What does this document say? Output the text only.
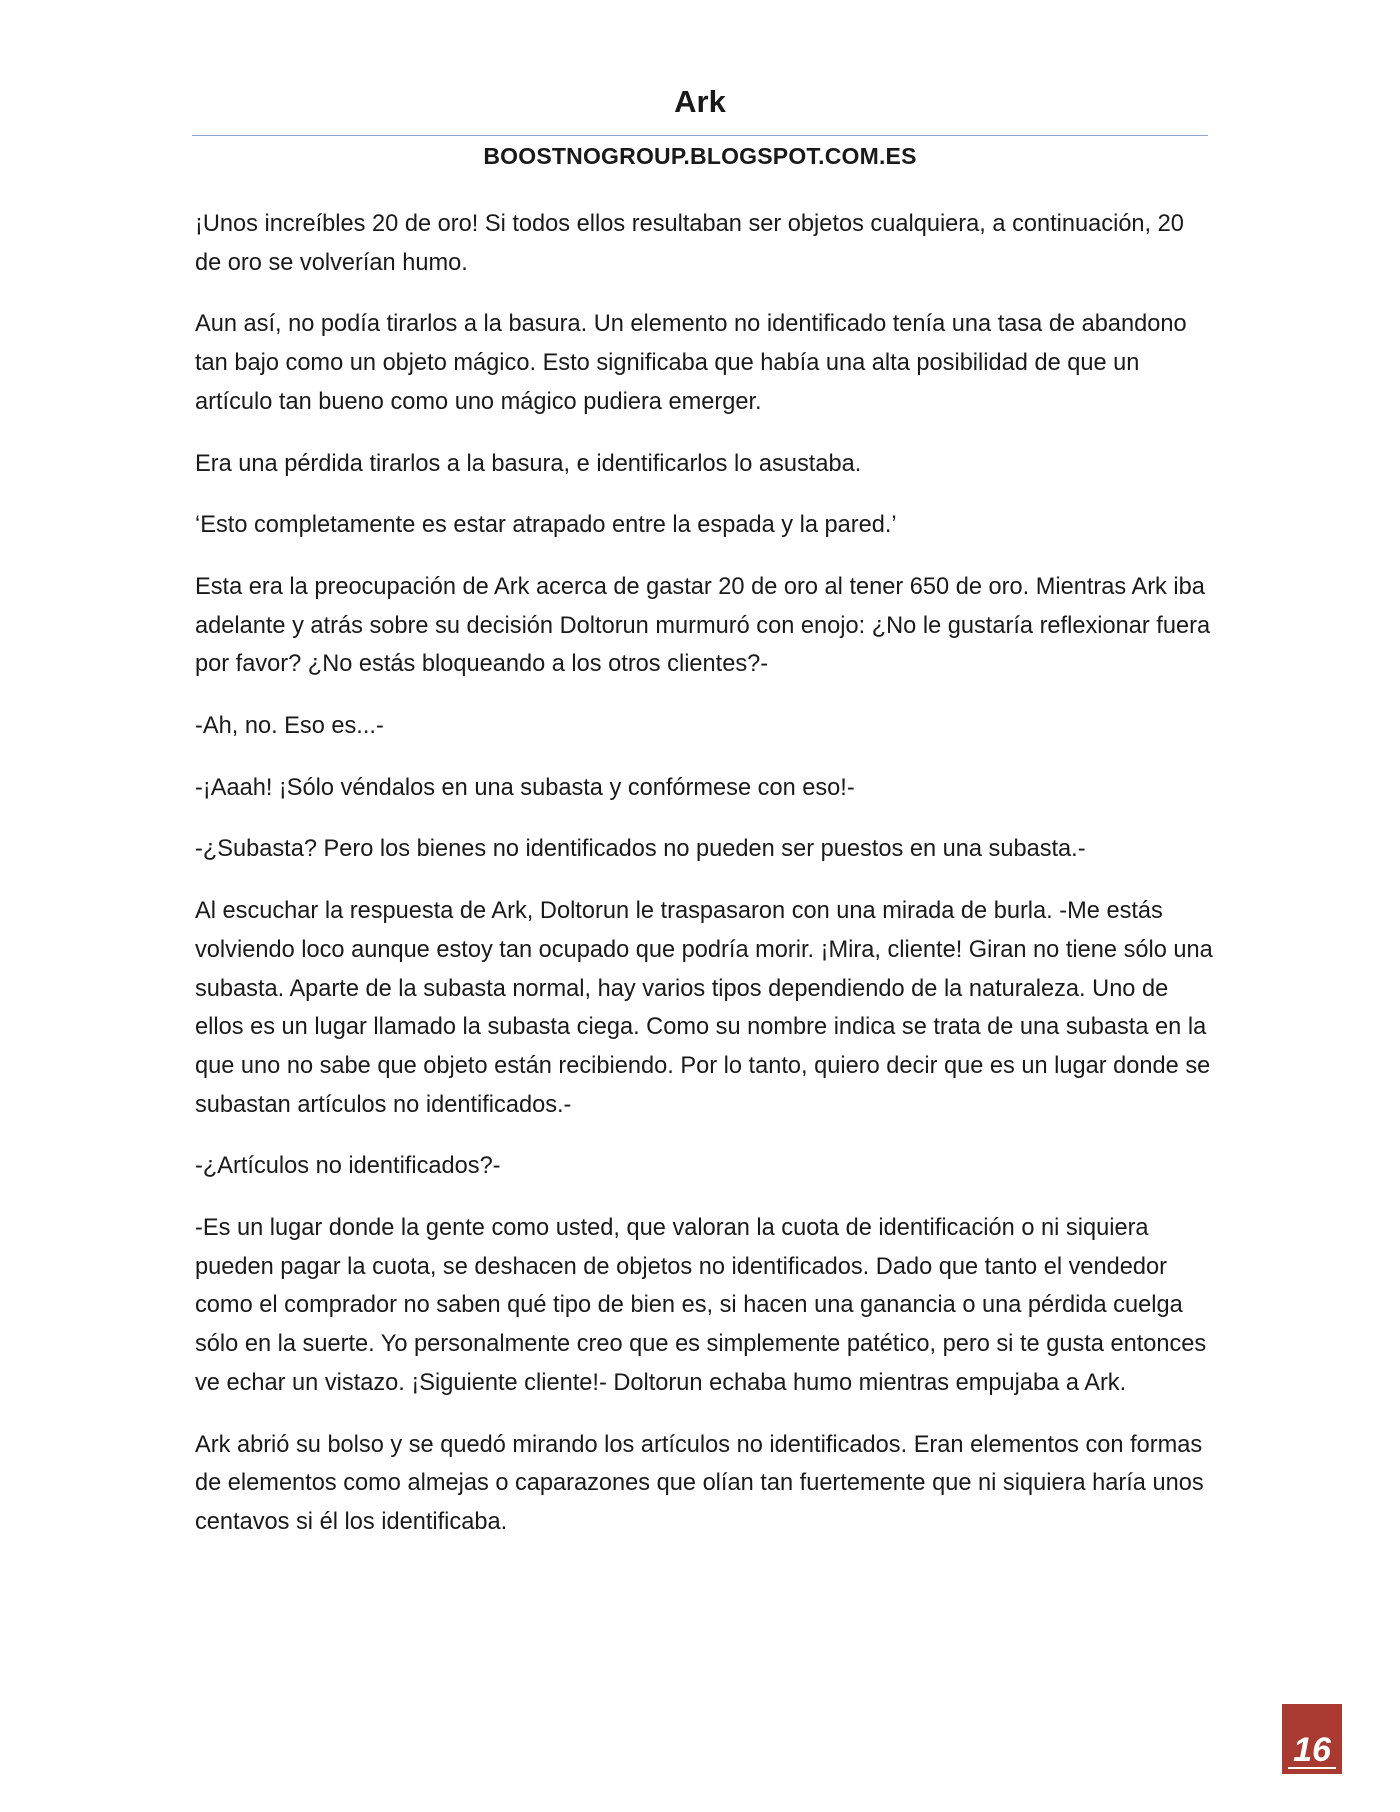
Ark
BOOSTNOGROUP.BLOGSPOT.COM.ES

¡Unos increíbles 20 de oro! Si todos ellos resultaban ser objetos cualquiera, a continuación, 20 de oro se volverían humo.

Aun así, no podía tirarlos a la basura. Un elemento no identificado tenía una tasa de abandono tan bajo como un objeto mágico. Esto significaba que había una alta posibilidad de que un artículo tan bueno como uno mágico pudiera emerger.

Era una pérdida tirarlos a la basura, e identificarlos lo asustaba.

‘Esto completamente es estar atrapado entre la espada y la pared.’

Esta era la preocupación de Ark acerca de gastar 20 de oro al tener 650 de oro. Mientras Ark iba adelante y atrás sobre su decisión Doltorun murmuró con enojo: ¿No le gustaría reflexionar fuera por favor? ¿No estás bloqueando a los otros clientes?-

-Ah, no. Eso es...-

-¡Aaah! ¡Sólo véndalos en una subasta y confórmese con eso!-

-¿Subasta? Pero los bienes no identificados no pueden ser puestos en una subasta.-

Al escuchar la respuesta de Ark, Doltorun le traspasaron con una mirada de burla. -Me estás volviendo loco aunque estoy tan ocupado que podría morir. ¡Mira, cliente! Giran no tiene sólo una subasta. Aparte de la subasta normal, hay varios tipos dependiendo de la naturaleza. Uno de ellos es un lugar llamado la subasta ciega. Como su nombre indica se trata de una subasta en la que uno no sabe que objeto están recibiendo. Por lo tanto, quiero decir que es un lugar donde se subastan artículos no identificados.-

-¿Artículos no identificados?-

-Es un lugar donde la gente como usted, que valoran la cuota de identificación o ni siquiera pueden pagar la cuota, se deshacen de objetos no identificados. Dado que tanto el vendedor como el comprador no saben qué tipo de bien es, si hacen una ganancia o una pérdida cuelga sólo en la suerte. Yo personalmente creo que es simplemente patético, pero si te gusta entonces ve echar un vistazo. ¡Siguiente cliente!- Doltorun echaba humo mientras empujaba a Ark.

Ark abrió su bolso y se quedó mirando los artículos no identificados. Eran elementos con formas de elementos como almejas o caparazones que olían tan fuertemente que ni siquiera haría unos centavos si él los identificaba.

16
